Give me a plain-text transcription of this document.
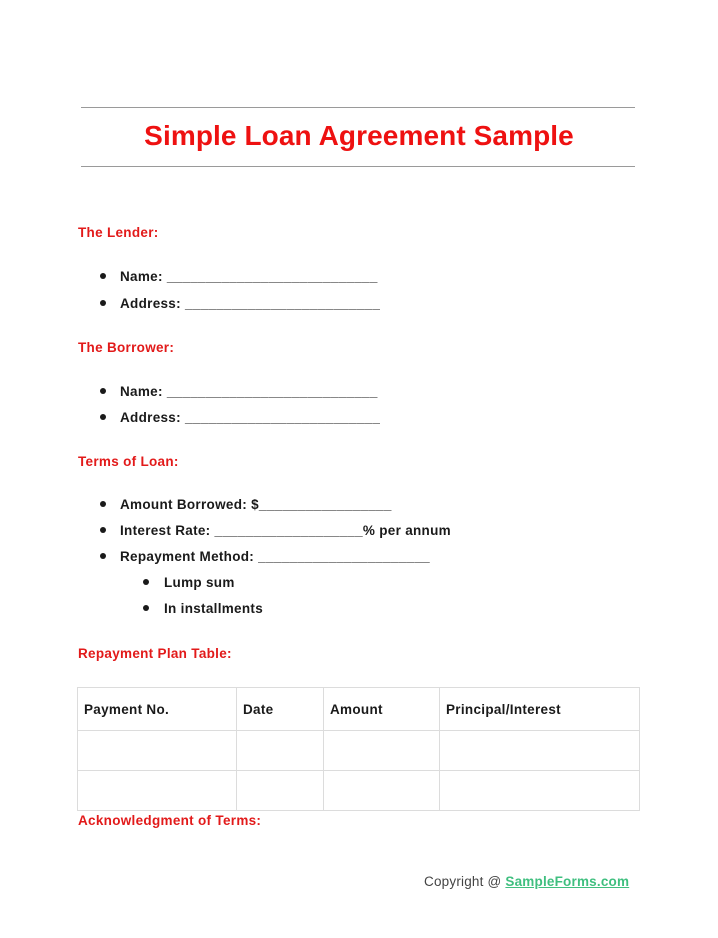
Simple Loan Agreement Sample
The Lender:
Name: ___________________________
Address: _________________________
The Borrower:
Name: ___________________________
Address: _________________________
Terms of Loan:
Amount Borrowed: $_________________
Interest Rate: ___________________% per annum
Repayment Method: ______________________
Lump sum
In installments
Repayment Plan Table:
Payment No.	Date	Amount	Principal/Interest

Acknowledgment of Terms:
Copyright @ SampleForms.com
